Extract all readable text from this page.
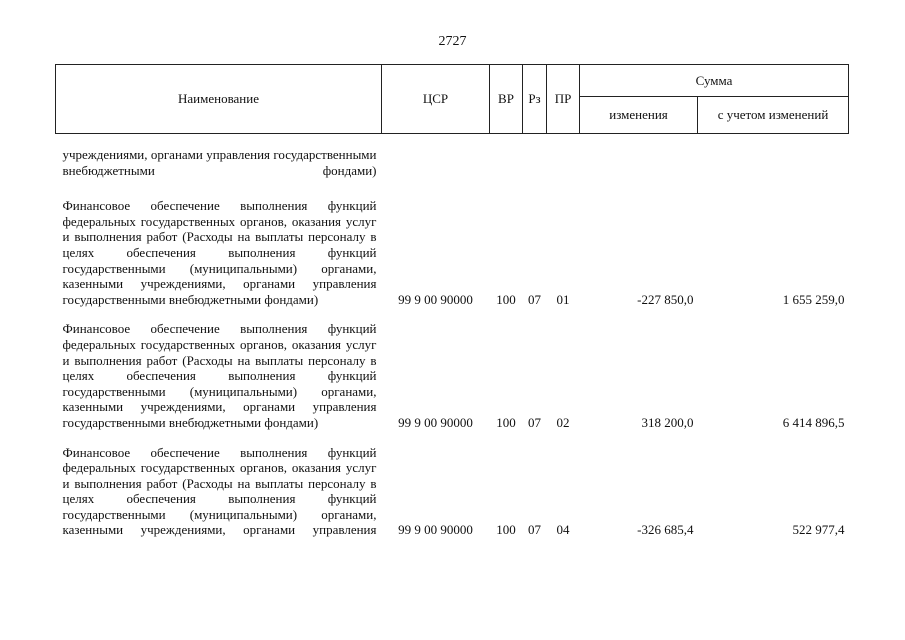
2727
Наименование	ЦСР	ВР	Рз	ПР	Сумма	
					изменения	с учетом изменений

учреждениями, органами управления государственными внебюджетными фондами)						

Финансовое обеспечение выполнения функций федеральных государственных органов, оказания услуг и выполнения работ (Расходы на выплаты персоналу в целях обеспечения выполнения функций государственными (муниципальными) органами, казенными учреждениями, органами управления государственными внебюджетными фондами)	99 9 00 90000	100	07	01	-227 850,0	1 655 259,0

Финансовое обеспечение выполнения функций федеральных государственных органов, оказания услуг и выполнения работ (Расходы на выплаты персоналу в целях обеспечения выполнения функций государственными (муниципальными) органами, казенными учреждениями, органами управления государственными внебюджетными фондами)	99 9 00 90000	100	07	02	318 200,0	6 414 896,5

Финансовое обеспечение выполнения функций федеральных государственных органов, оказания услуг и выполнения работ (Расходы на выплаты персоналу в целях обеспечения выполнения функций государственными (муниципальными) органами, казенными учреждениями, органами управления	99 9 00 90000	100	07	04	-326 685,4	522 977,4
